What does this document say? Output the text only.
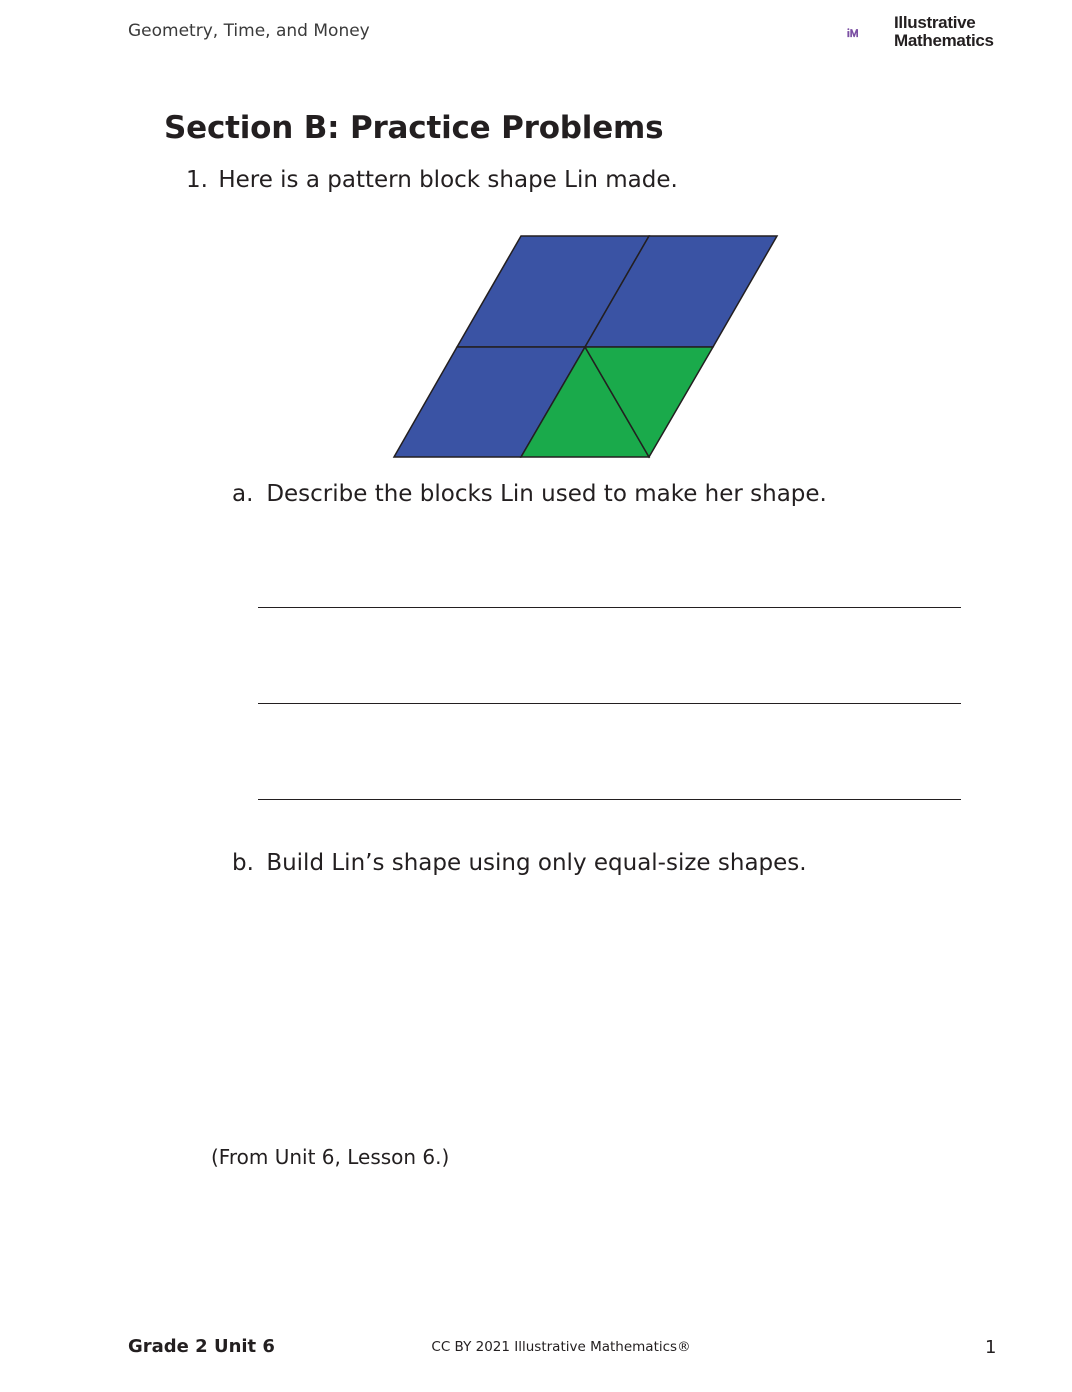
Geometry, Time, and Money	Illustrative
Mathematics
Section B: Practice Problems
1. Here is a pattern block shape Lin made.
a. Describe the blocks Lin used to make her shape.
b. Build Lin’s shape using only equal-size shapes.
(From Unit 6, Lesson 6.)
Grade 2 Unit 6	CC BY 2021 Illustrative Mathematics®	1
